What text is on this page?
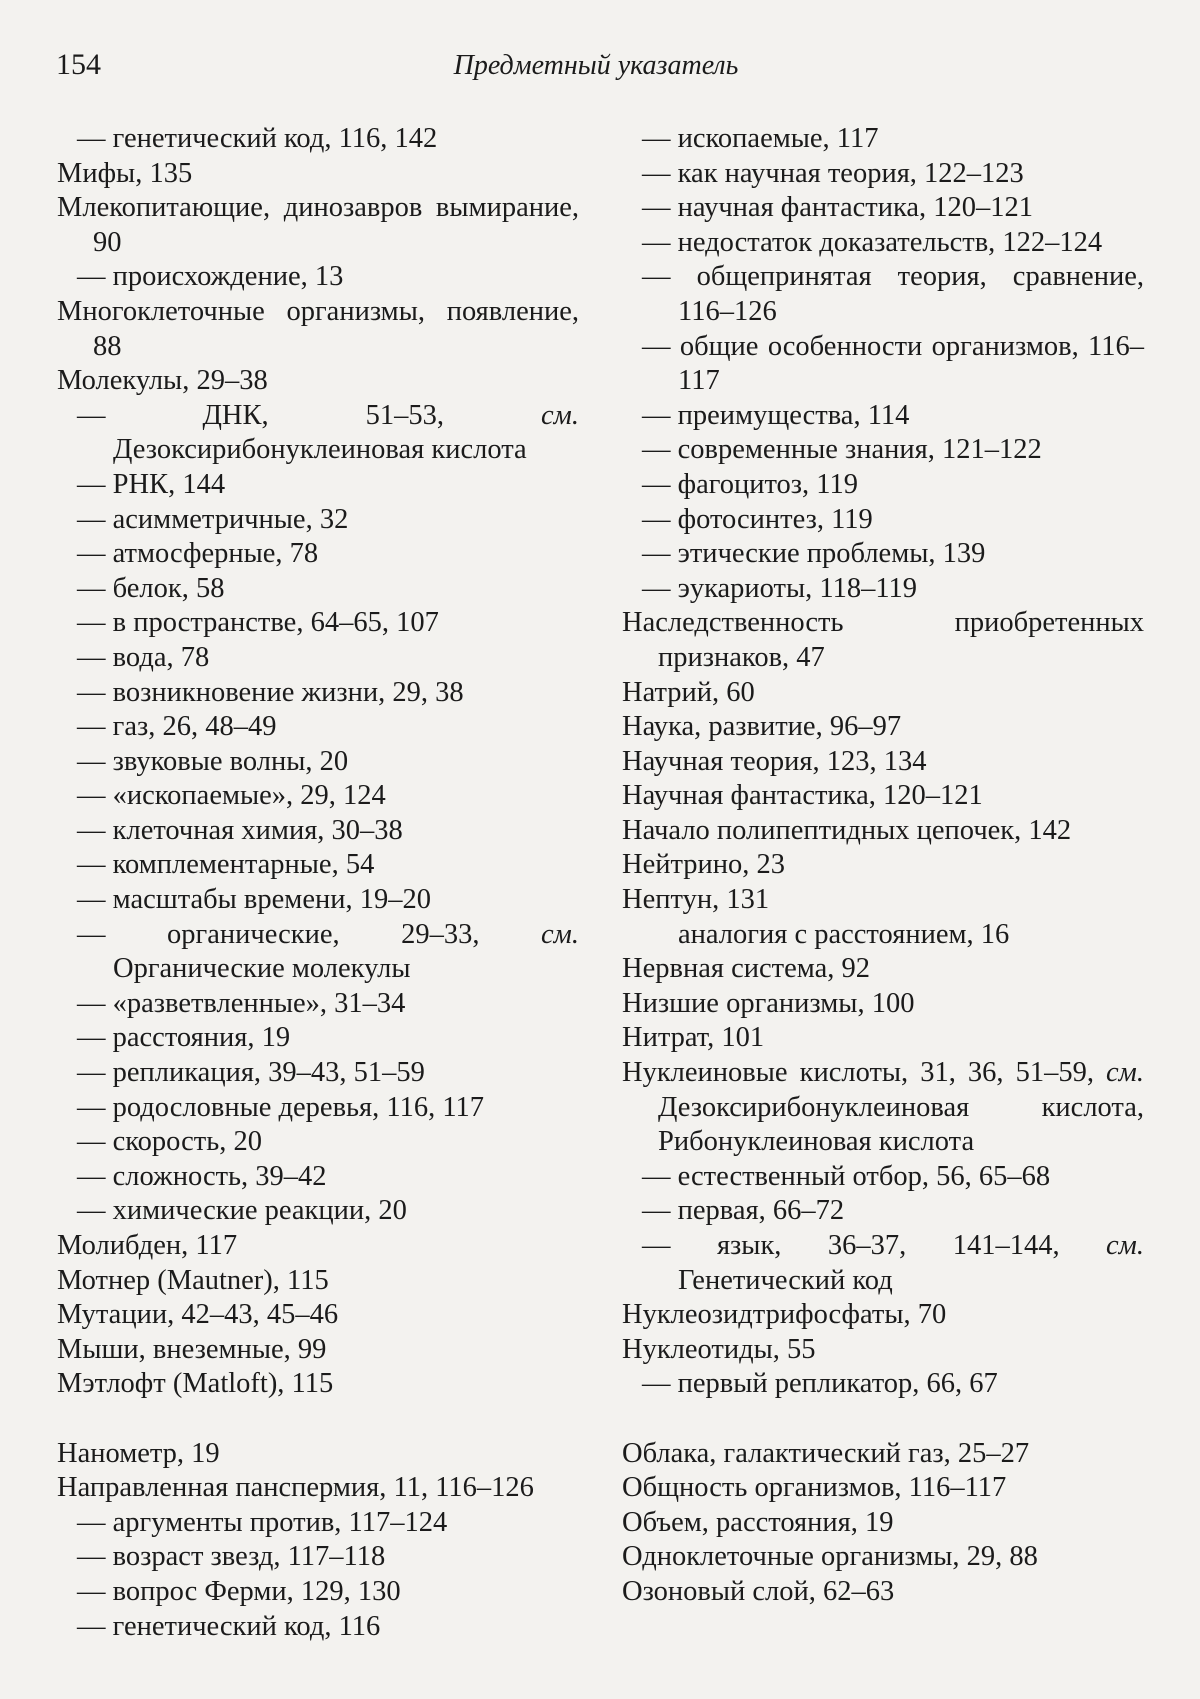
154	Предметный указатель
— генетический код, 116, 142
Мифы, 135
Млекопитающие, динозавров вымирание, 90
— происхождение, 13
Многоклеточные организмы, появление, 88
Молекулы, 29–38
— ДНК, 51–53, см. Дезоксирибонуклеиновая кислота
— РНК, 144
— асимметричные, 32
— атмосферные, 78
— белок, 58
— в пространстве, 64–65, 107
— вода, 78
— возникновение жизни, 29, 38
— газ, 26, 48–49
— звуковые волны, 20
— «ископаемые», 29, 124
— клеточная химия, 30–38
— комплементарные, 54
— масштабы времени, 19–20
— органические, 29–33, см. Органические молекулы
— «разветвленные», 31–34
— расстояния, 19
— репликация, 39–43, 51–59
— родословные деревья, 116, 117
— скорость, 20
— сложность, 39–42
— химические реакции, 20
Молибден, 117
Мотнер (Mautner), 115
Мутации, 42–43, 45–46
Мыши, внеземные, 99
Мэтлофт (Matloft), 115
Нанометр, 19
Направленная панспермия, 11, 116–126
— аргументы против, 117–124
— возраст звезд, 117–118
— вопрос Ферми, 129, 130
— генетический код, 116
— ископаемые, 117
— как научная теория, 122–123
— научная фантастика, 120–121
— недостаток доказательств, 122–124
— общепринятая теория, сравнение, 116–126
— общие особенности организмов, 116–117
— преимущества, 114
— современные знания, 121–122
— фагоцитоз, 119
— фотосинтез, 119
— этические проблемы, 139
— эукариоты, 118–119
Наследственность приобретенных признаков, 47
Натрий, 60
Наука, развитие, 96–97
Научная теория, 123, 134
Научная фантастика, 120–121
Начало полипептидных цепочек, 142
Нейтрино, 23
Нептун, 131
аналогия с расстоянием, 16
Нервная система, 92
Низшие организмы, 100
Нитрат, 101
Нуклеиновые кислоты, 31, 36, 51–59, см. Дезоксирибонуклеиновая кислота, Рибонуклеиновая кислота
— естественный отбор, 56, 65–68
— первая, 66–72
— язык, 36–37, 141–144, см. Генетический код
Нуклеозидтрифосфаты, 70
Нуклеотиды, 55
— первый репликатор, 66, 67
Облака, галактический газ, 25–27
Общность организмов, 116–117
Объем, расстояния, 19
Одноклеточные организмы, 29, 88
Озоновый слой, 62–63
